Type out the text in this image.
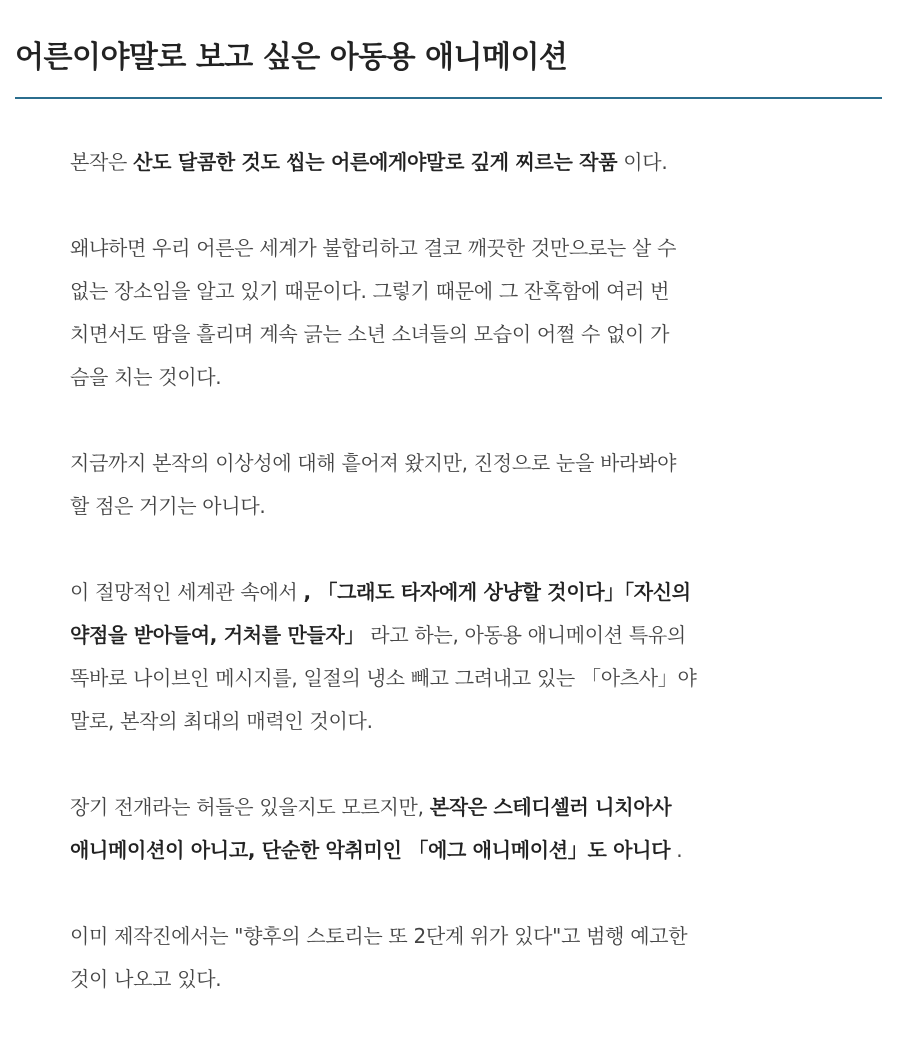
어른이야말로 보고 싶은 아동용 애니메이션

본작은 산도 달콤한 것도 씹는 어른에게야말로 깊게 찌르는 작품 이다.

왜냐하면 우리 어른은 세계가 불합리하고 결코 깨끗한 것만으로는 살 수
없는 장소임을 알고 있기 때문이다. 그렇기 때문에 그 잔혹함에 여러 번
치면서도 땀을 흘리며 계속 긁는 소년 소녀들의 모습이 어쩔 수 없이 가
슴을 치는 것이다.

지금까지 본작의 이상성에 대해 흩어져 왔지만, 진정으로 눈을 바라봐야
할 점은 거기는 아니다.

이 절망적인 세계관 속에서 , 「그래도 타자에게 상냥할 것이다」「자신의
약점을 받아들여, 거처를 만들자」 라고 하는, 아동용 애니메이션 특유의
똑바로 나이브인 메시지를, 일절의 냉소 빼고 그려내고 있는 「아츠사」야
말로, 본작의 최대의 매력인 것이다.

장기 전개라는 허들은 있을지도 모르지만, 본작은 스테디셀러 니치아사
애니메이션이 아니고, 단순한 악취미인 「에그 애니메이션」도 아니다 .

이미 제작진에서는 "향후의 스토리는 또 2단계 위가 있다"고 범행 예고한
것이 나오고 있다.
